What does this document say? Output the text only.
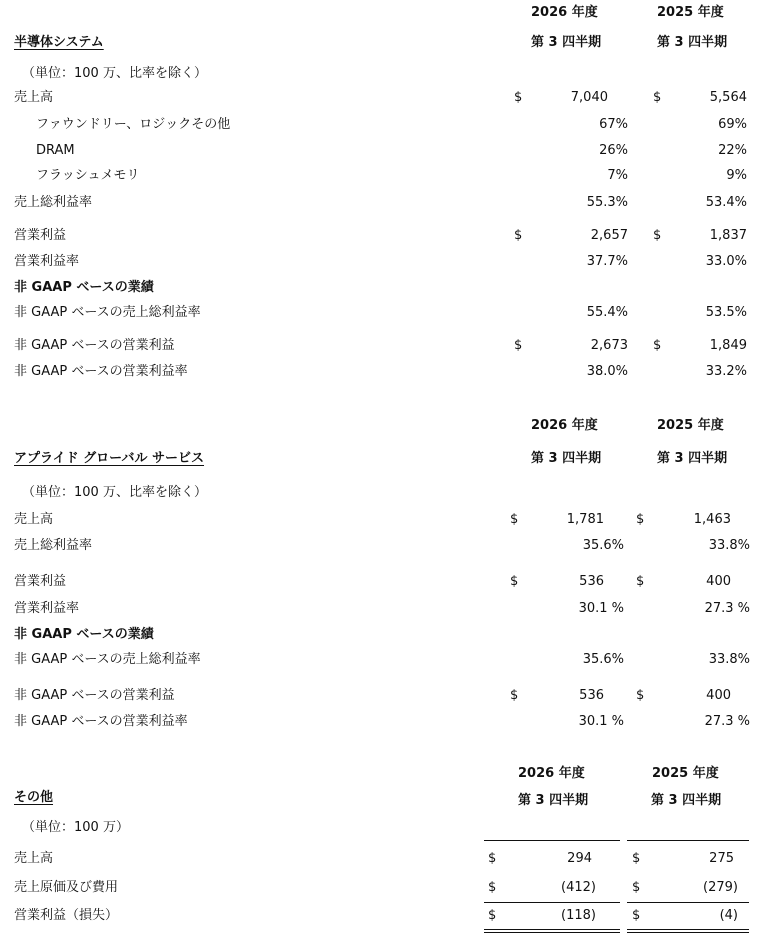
2026 年度	2025 年度
半導体システム	第 3 四半期	第 3 四半期
（単位：100 万、比率を除く）
売上高	$	7,040	$	5,564
ファウンドリー、ロジックその他	67%	69%
DRAM	26%	22%
フラッシュメモリ	7%	9%
売上総利益率	55.3%	53.4%
営業利益	$	2,657 $	1,837
営業利益率	37.7%	33.0%
非 GAAP ベースの業績
非 GAAP ベースの売上総利益率	55.4%	53.5%
非 GAAP ベースの営業利益	$	2,673 $	1,849
非 GAAP ベースの営業利益率	38.0%	33.2%
2026 年度	2025 年度
アプライド グローバル サービス	第 3 四半期	第 3 四半期
（単位：100 万、比率を除く）
売上高	$	1,781 $	1,463
売上総利益率	35.6%	33.8%
営業利益	$	536 $	400
営業利益率	30.1 %	27.3 %
非 GAAP ベースの業績
非 GAAP ベースの売上総利益率	35.6%	33.8%
非 GAAP ベースの営業利益	$	536 $	400
非 GAAP ベースの営業利益率	30.1 %	27.3 %
2026 年度	2025 年度
その他	第 3 四半期	第 3 四半期
（単位：100 万）
売上高	$	294	$	275
売上原価及び費用	$	(412)	$	(279)
営業利益（損失）	$	(118)	$	(4)
